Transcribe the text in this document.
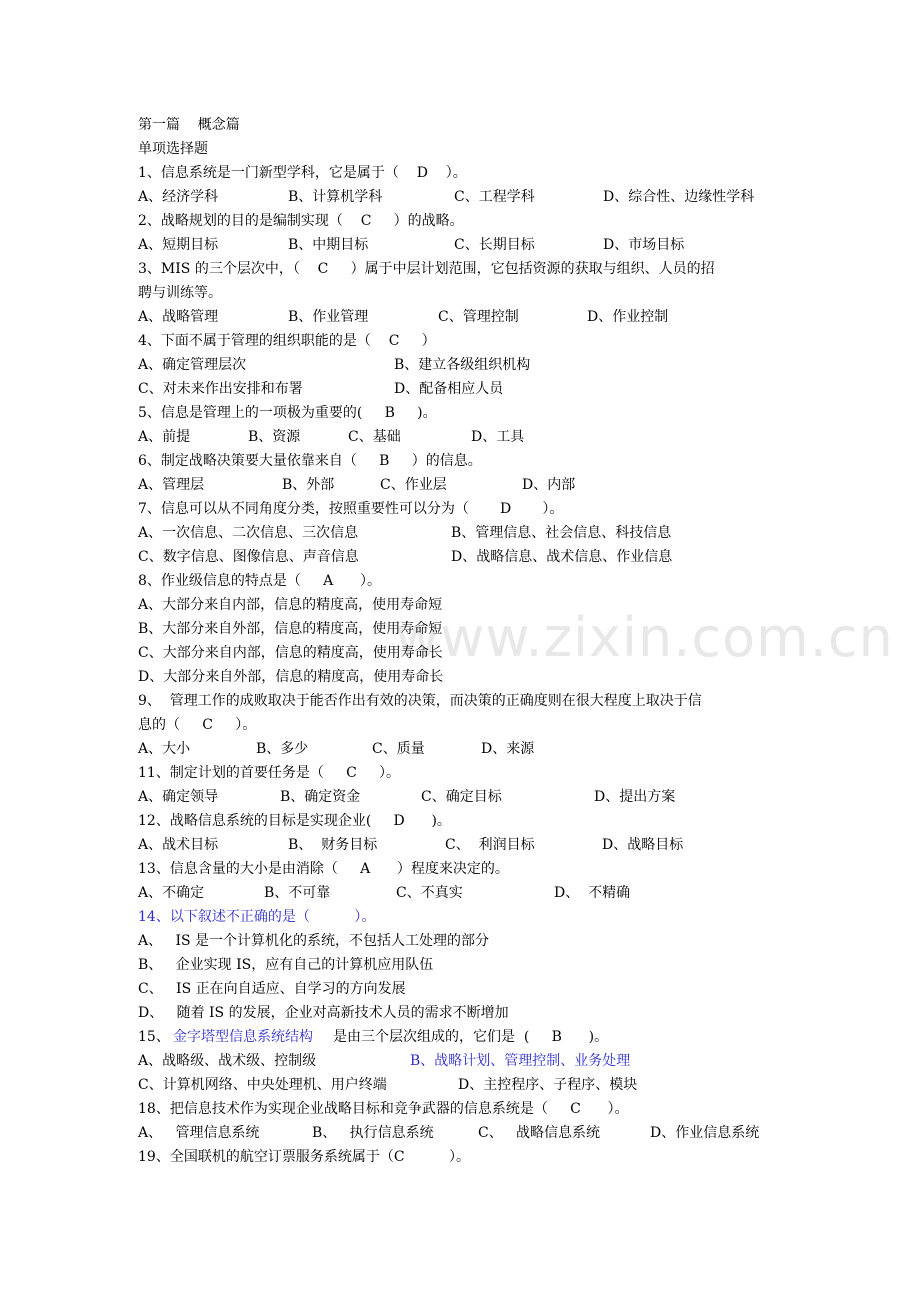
www.zixin.com.cn
第一篇    概念篇
单项选择题
1、信息系统是一门新型学科，它是属于（    D    ）。
A、经济学科	B、计算机学科	C、工程学科	D、综合性、边缘性学科
2、战略规划的目的是编制实现（    C     ）的战略。
A、短期目标	B、中期目标	C、长期目标	D、市场目标
3、MIS 的三个层次中，（    C     ）属于中层计划范围，它包括资源的获取与组织、人员的招
聘与训练等。
A、战略管理	B、作业管理	C、管理控制	D、作业控制
4、下面不属于管理的组织职能的是（    C     ）
A、确定管理层次	B、建立各级组织机构
C、对未来作出安排和布署	D、配备相应人员
5、信息是管理上的一项极为重要的(     B     )。
A、前提	B、资源	C、基础	D、工具
6、制定战略决策要大量依靠来自（     B     ）的信息。
A、管理层	B、外部	C、作业层	D、内部
7、信息可以从不同角度分类，按照重要性可以分为（       D       ）。
A、一次信息、二次信息、三次信息	B、管理信息、社会信息、科技信息
C、数字信息、图像信息、声音信息	D、战略信息、战术信息、作业信息
8、作业级信息的特点是（     A      ）。
A、大部分来自内部，信息的精度高，使用寿命短
B、大部分来自外部，信息的精度高，使用寿命短
C、大部分来自内部，信息的精度高，使用寿命长
D、大部分来自外部，信息的精度高，使用寿命长
9、  管理工作的成败取决于能否作出有效的决策，而决策的正确度则在很大程度上取决于信
息的（     C     ）。
A、大小	B、多少	C、质量	D、来源
11、制定计划的首要任务是（     C     ）。
A、确定领导	B、确定资金	C、确定目标	D、提出方案
12、战略信息系统的目标是实现企业(     D      )。
A、战术目标	B、  财务目标	C、  利润目标	D、战略目标
13、信息含量的大小是由消除（     A      ）程度来决定的。
A、不确定	B、不可靠	C、不真实	D、  不精确
14、以下叙述不正确的是（          ）。
A、   IS 是一个计算机化的系统，不包括人工处理的部分
B、   企业实现 IS，应有自己的计算机应用队伍
C、   IS 正在向自适应、自学习的方向发展
D、   随着 IS 的发展，企业对高新技术人员的需求不断增加
15、 金字塔型信息系统结构 是由三个层次组成的，它们是  (     B      )。
A、战略级、战术级、控制级	B、战略计划、管理控制、业务处理
C、计算机网络、中央处理机、用户终端	D、主控程序、子程序、模块
18、把信息技术作为实现企业战略目标和竞争武器的信息系统是（     C      ）。
A、   管理信息系统	B、   执行信息系统	C、   战略信息系统	D、作业信息系统
19、全国联机的航空订票服务系统属于（C          ）。
